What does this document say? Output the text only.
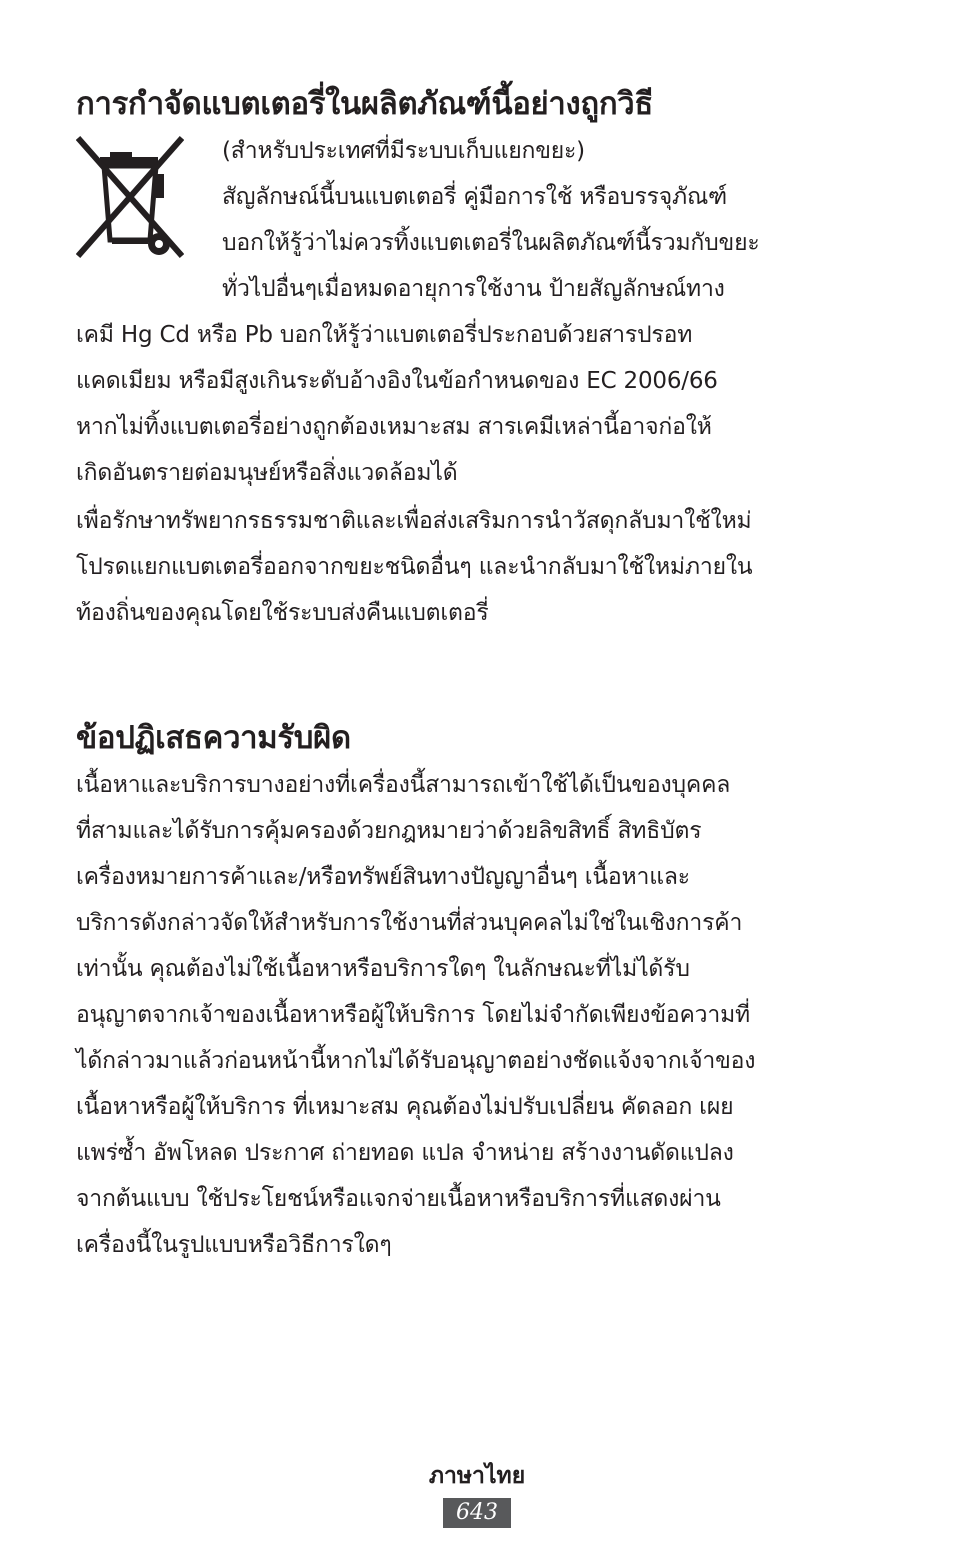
การกำจัดแบตเตอรี่ในผลิตภัณฑ์นี้อย่างถูกวิธี

(สำหรับประเทศที่มีระบบเก็บแยกขยะ)

สัญลักษณ์นี้บนแบตเตอรี่ คู่มือการใช้ หรือบรรจุภัณฑ์

บอกให้รู้ว่าไม่ควรทิ้งแบตเตอรี่ในผลิตภัณฑ์นี้รวมกับขยะ

ทั่วไปอื่นๆเมื่อหมดอายุการใช้งาน ป้ายสัญลักษณ์ทาง

เคมี Hg Cd หรือ Pb บอกให้รู้ว่าแบตเตอรี่ประกอบด้วยสารปรอท

แคดเมียม หรือมีสูงเกินระดับอ้างอิงในข้อกำหนดของ EC 2006/66

หากไม่ทิ้งแบตเตอรี่อย่างถูกต้องเหมาะสม สารเคมีเหล่านี้อาจก่อให้

เกิดอันตรายต่อมนุษย์หรือสิ่งแวดล้อมได้

เพื่อรักษาทรัพยากรธรรมชาติและเพื่อส่งเสริมการนำวัสดุกลับมาใช้ใหม่

โปรดแยกแบตเตอรี่ออกจากขยะชนิดอื่นๆ และนำกลับมาใช้ใหม่ภายใน

ท้องถิ่นของคุณโดยใช้ระบบส่งคืนแบตเตอรี่

ข้อปฏิเสธความรับผิด

เนื้อหาและบริการบางอย่างที่เครื่องนี้สามารถเข้าใช้ได้เป็นของบุคคล

ที่สามและได้รับการคุ้มครองด้วยกฎหมายว่าด้วยลิขสิทธิ์ สิทธิบัตร

เครื่องหมายการค้าและ/หรือทรัพย์สินทางปัญญาอื่นๆ เนื้อหาและ

บริการดังกล่าวจัดให้สำหรับการใช้งานที่ส่วนบุคคลไม่ใช่ในเชิงการค้า

เท่านั้น คุณต้องไม่ใช้เนื้อหาหรือบริการใดๆ ในลักษณะที่ไม่ได้รับ

อนุญาตจากเจ้าของเนื้อหาหรือผู้ให้บริการ โดยไม่จำกัดเพียงข้อความที่

ได้กล่าวมาแล้วก่อนหน้านี้หากไม่ได้รับอนุญาตอย่างชัดแจ้งจากเจ้าของ

เนื้อหาหรือผู้ให้บริการ ที่เหมาะสม คุณต้องไม่ปรับเปลี่ยน คัดลอก เผย

แพร่ซ้ำ อัพโหลด ประกาศ ถ่ายทอด แปล จำหน่าย สร้างงานดัดแปลง

จากต้นแบบ ใช้ประโยชน์หรือแจกจ่ายเนื้อหาหรือบริการที่แสดงผ่าน

เครื่องนี้ในรูปแบบหรือวิธีการใดๆ

ภาษาไทย
643
